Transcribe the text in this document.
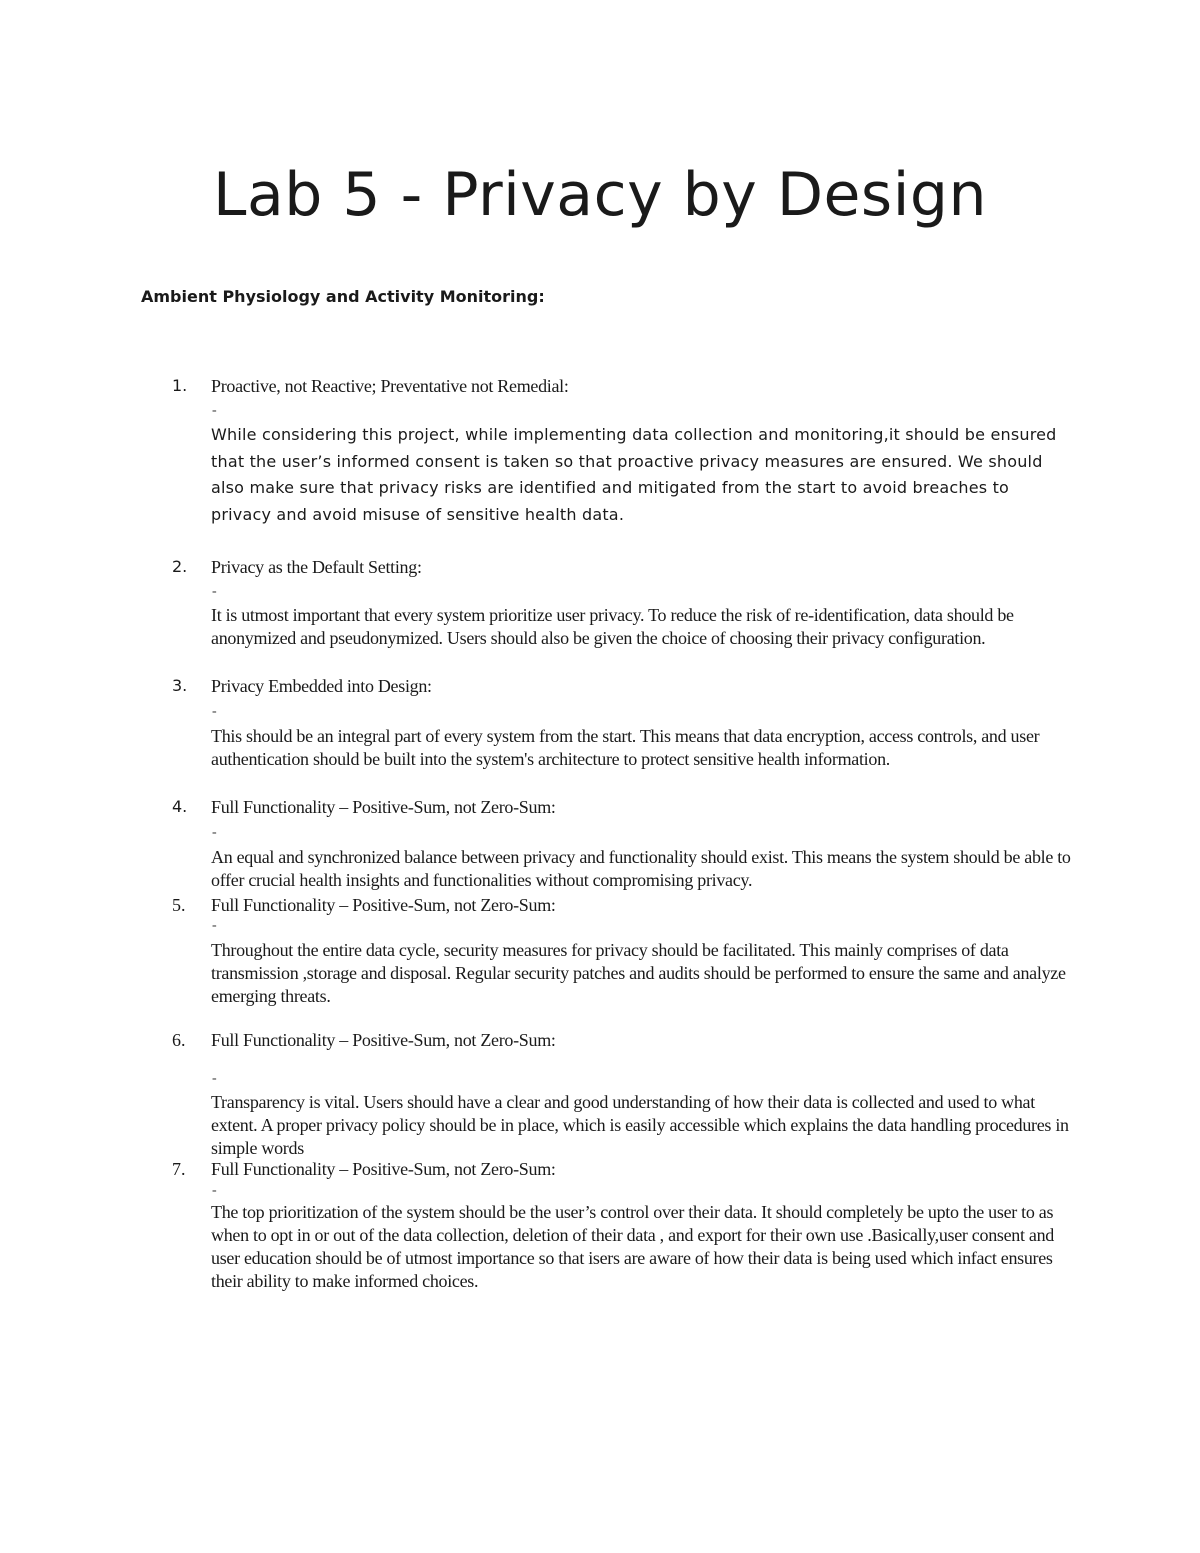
Lab 5 - Privacy by Design

Ambient Physiology and Activity Monitoring:

1.	Proactive, not Reactive; Preventative not Remedial:
-
While considering this project, while implementing data collection and monitoring,it should be ensured that the user’s informed consent is taken so that proactive privacy measures are ensured. We should also make sure that privacy risks are identified and mitigated from the start to avoid breaches to privacy and avoid misuse of sensitive health data.
2.	Privacy as the Default Setting:
-
It is utmost important that every system prioritize user privacy. To reduce the risk of re-identification, data should be anonymized and pseudonymized. Users should also be given the choice of choosing their privacy configuration.
3.	Privacy Embedded into Design:
-
This should be an integral part of every system from the start. This means that data encryption, access controls, and user authentication should be built into the system's architecture to protect sensitive health information.
4.	Full Functionality – Positive-Sum, not Zero-Sum:
-
An equal and synchronized balance between privacy and functionality should exist. This means the system should be able to offer crucial health insights and functionalities without compromising privacy.
5.	Full Functionality – Positive-Sum, not Zero-Sum:
-
Throughout the entire data cycle, security measures for privacy should be facilitated. This mainly comprises of data transmission ,storage and disposal. Regular security patches and audits should be performed to ensure the same and analyze emerging threats.
6.	Full Functionality – Positive-Sum, not Zero-Sum:
-
Transparency is vital. Users should have a clear and good understanding of how their data is collected and used to what extent. A proper privacy policy should be in place, which is easily accessible which explains the data handling procedures in simple words
7.	Full Functionality – Positive-Sum, not Zero-Sum:
-
The top prioritization of the system should be the user’s control over their data. It should completely be upto the user to as when to opt in or out of the data collection, deletion of their data , and export for their own use .Basically,user consent and user education should be of utmost importance so that isers are aware of how their data is being used which infact ensures their ability to make informed choices.
